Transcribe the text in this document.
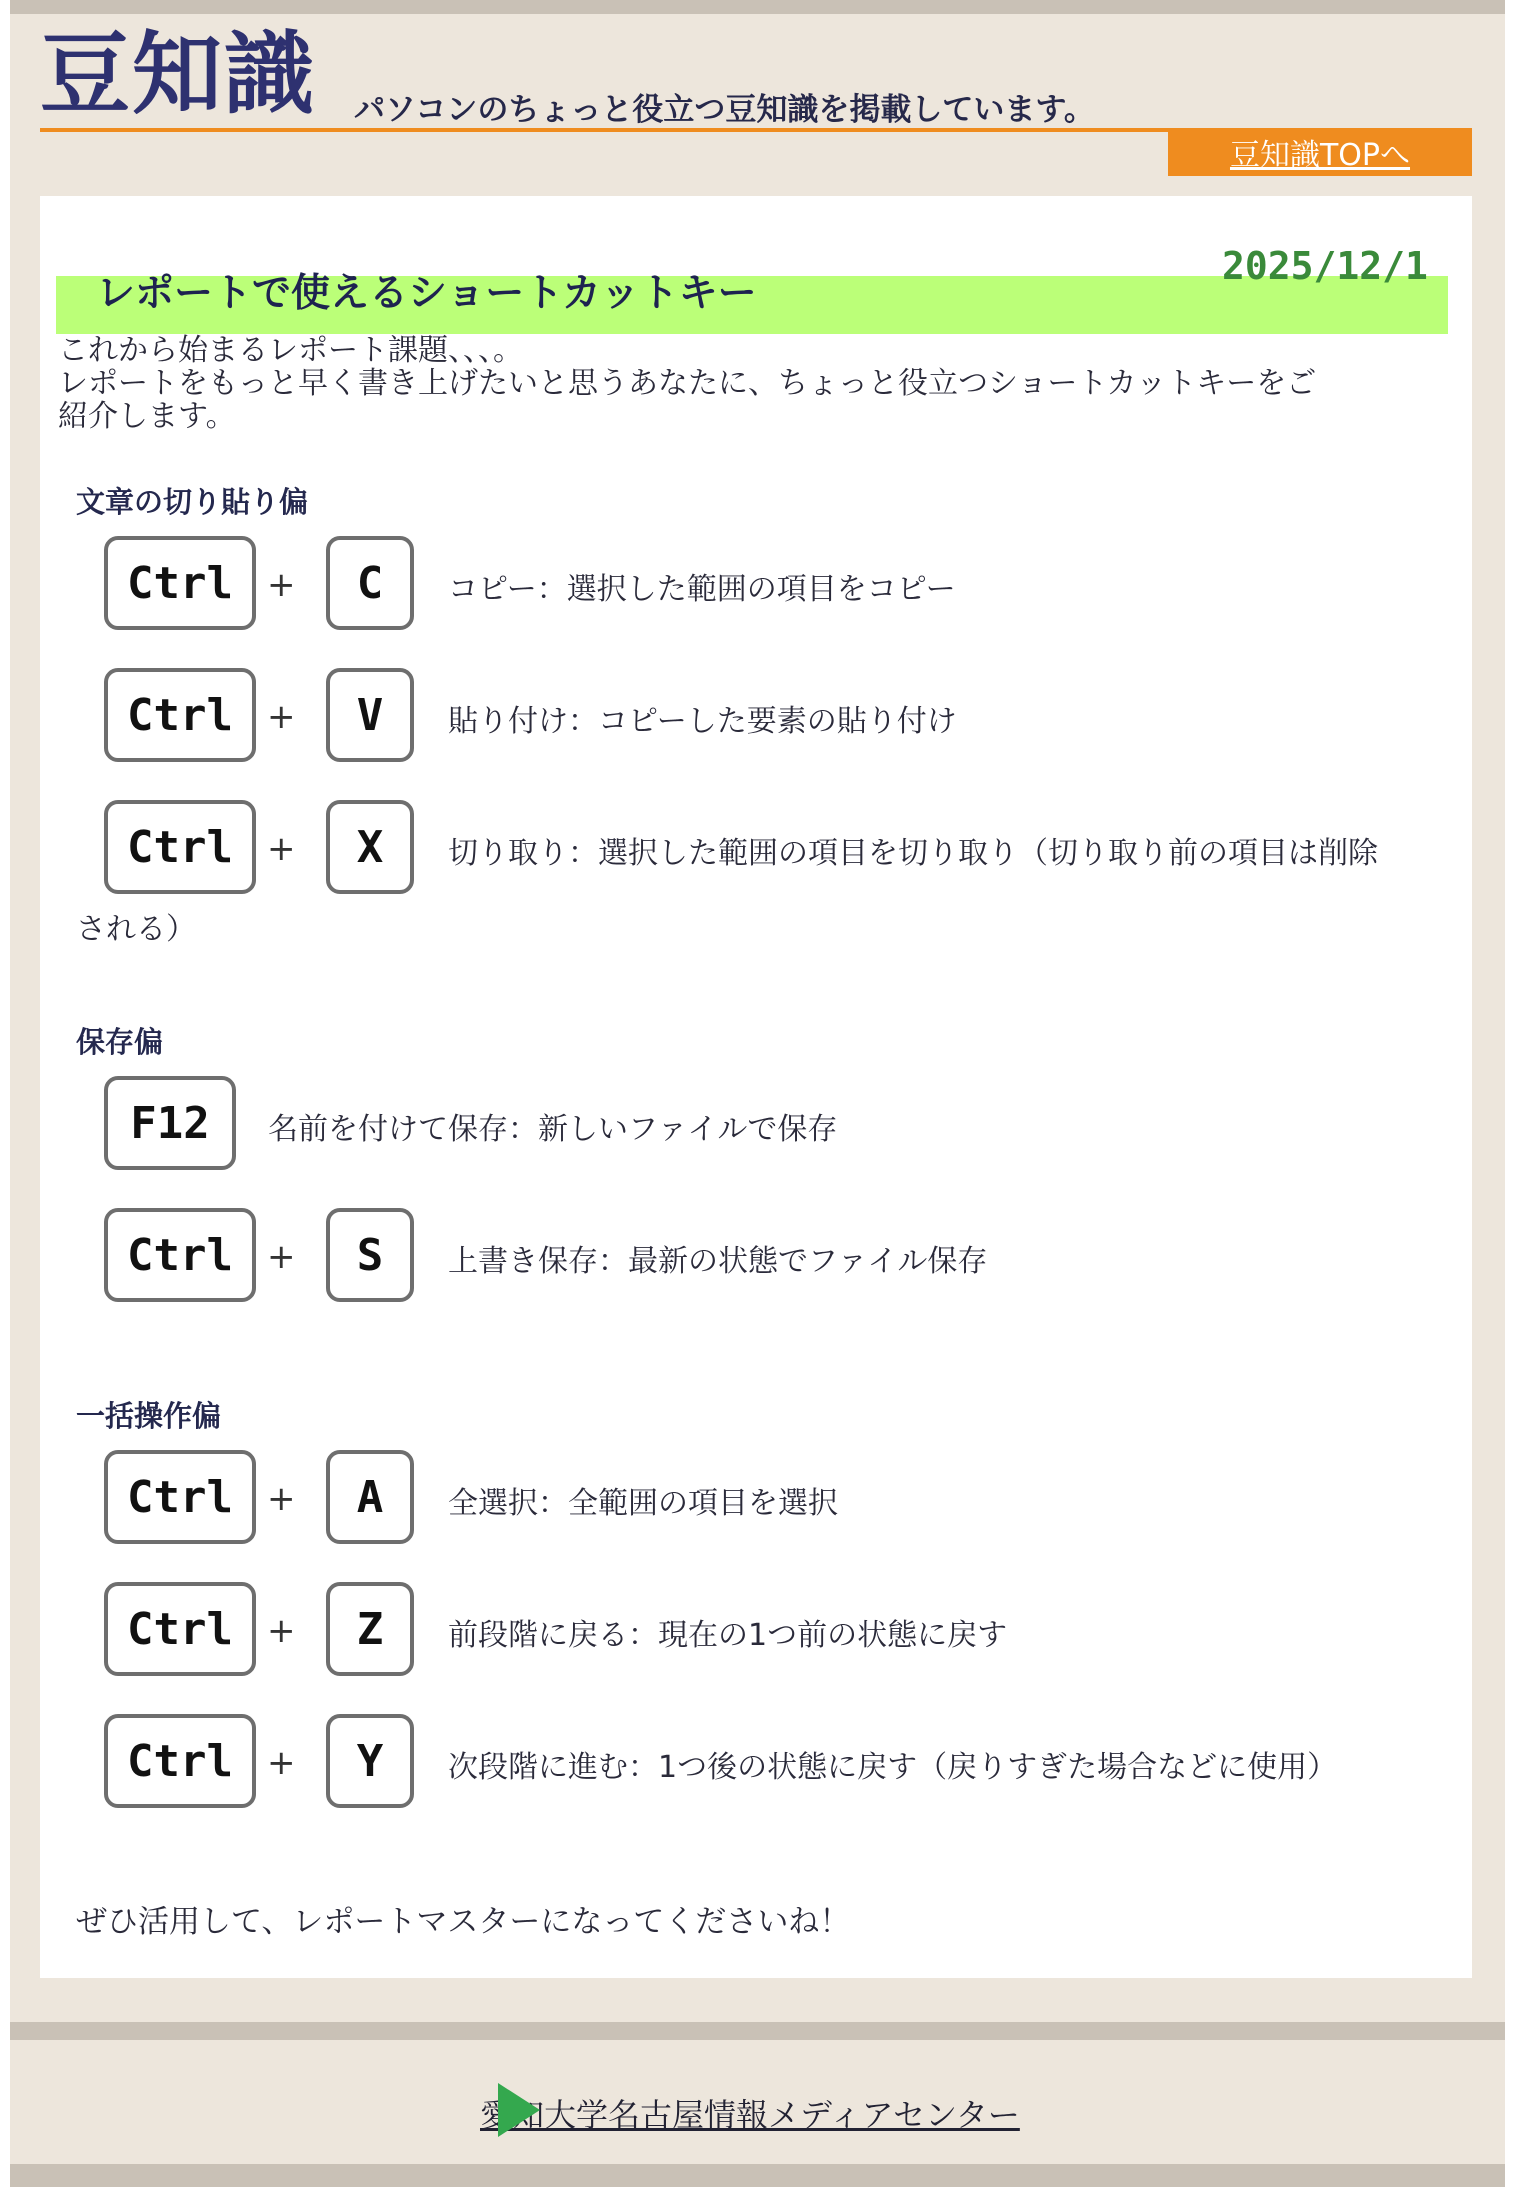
豆知識 パソコンのちょっと役立つ豆知識を掲載しています。
豆知識TOPへ
レポートで使えるショートカットキー
2025/12/1

これから始まるレポート課題、、、。

レポートをもっと早く書き上げたいと思うあなたに、ちょっと役立つショートカットキーをご

紹介します。

文章の切り貼り偏
Ctrl	+	C	コピー：選択した範囲の項目をコピー
Ctrl	+	V	貼り付け：コピーした要素の貼り付け
Ctrl	+	X	切り取り：選択した範囲の項目を切り取り（切り取り前の項目は削除
される）
保存偏
F12	名前を付けて保存：新しいファイルで保存
Ctrl	+	S	上書き保存：最新の状態でファイル保存
一括操作偏
Ctrl	+	A	全選択：全範囲の項目を選択
Ctrl	+	Z	前段階に戻る：現在の1つ前の状態に戻す
Ctrl	+	Y	次段階に進む：1つ後の状態に戻す（戻りすぎた場合などに使用）
ぜひ活用して、レポートマスターになってくださいね！
愛知大学名古屋情報メディアセンター
